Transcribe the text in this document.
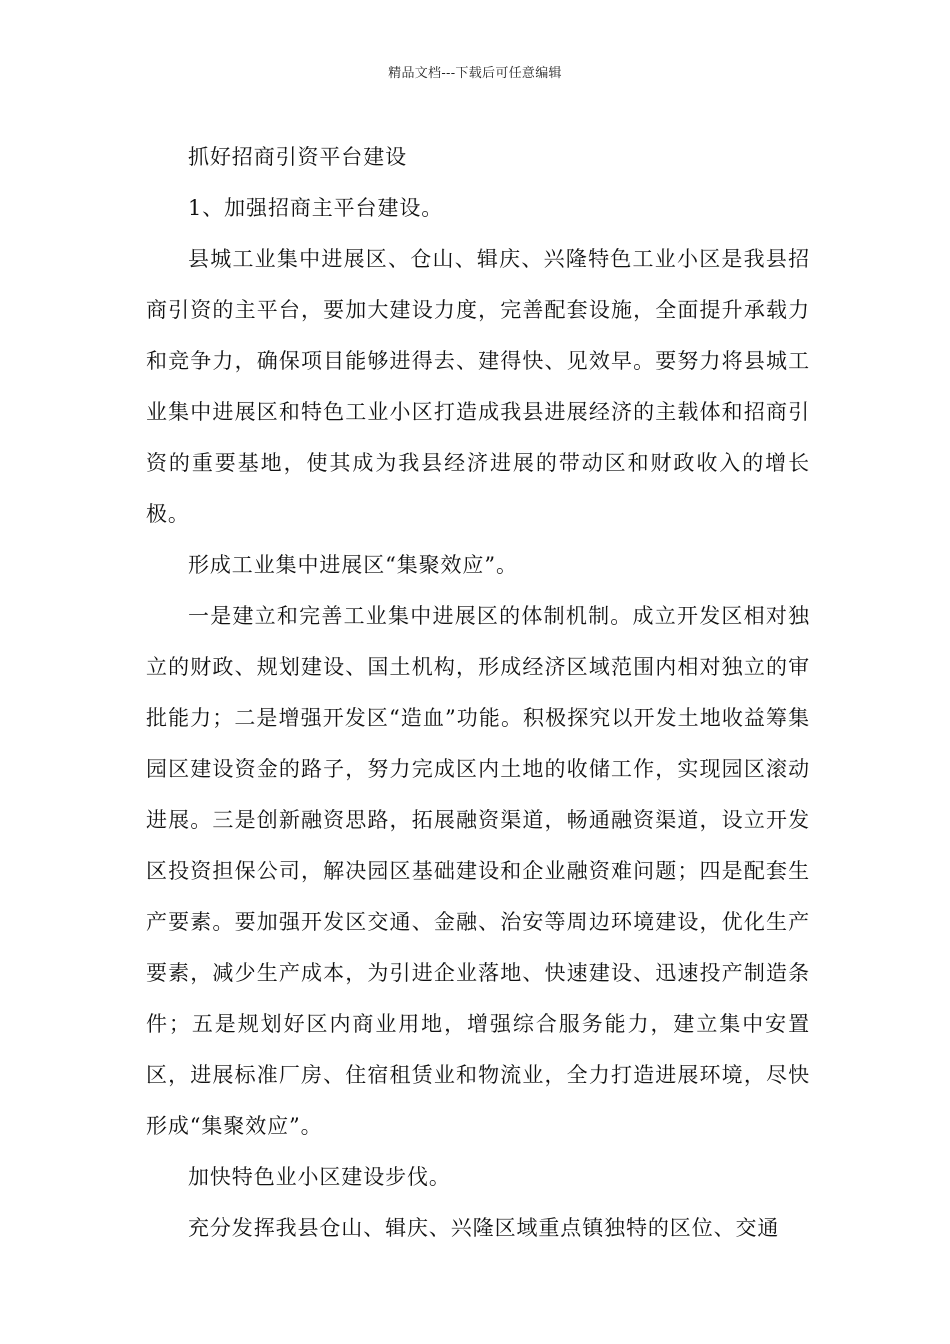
精品文档---下载后可任意编辑

抓好招商引资平台建设

1、加强招商主平台建设。

县城工业集中进展区、仓山、辑庆、兴隆特色工业小区是我县招商引资的主平台，要加大建设力度，完善配套设施，全面提升承载力和竞争力，确保项目能够进得去、建得快、见效早。要努力将县城工业集中进展区和特色工业小区打造成我县进展经济的主载体和招商引资的重要基地，使其成为我县经济进展的带动区和财政收入的增长极。

形成工业集中进展区“集聚效应”。

一是建立和完善工业集中进展区的体制机制。成立开发区相对独立的财政、规划建设、国土机构，形成经济区域范围内相对独立的审批能力；二是增强开发区“造血”功能。积极探究以开发土地收益筹集园区建设资金的路子，努力完成区内土地的收储工作，实现园区滚动进展。三是创新融资思路，拓展融资渠道，畅通融资渠道，设立开发区投资担保公司，解决园区基础建设和企业融资难问题；四是配套生产要素。要加强开发区交通、金融、治安等周边环境建设，优化生产要素，减少生产成本，为引进企业落地、快速建设、迅速投产制造条件；五是规划好区内商业用地，增强综合服务能力，建立集中安置区，进展标准厂房、住宿租赁业和物流业，全力打造进展环境，尽快形成“集聚效应”。

加快特色业小区建设步伐。

充分发挥我县仓山、辑庆、兴隆区域重点镇独特的区位、交通
